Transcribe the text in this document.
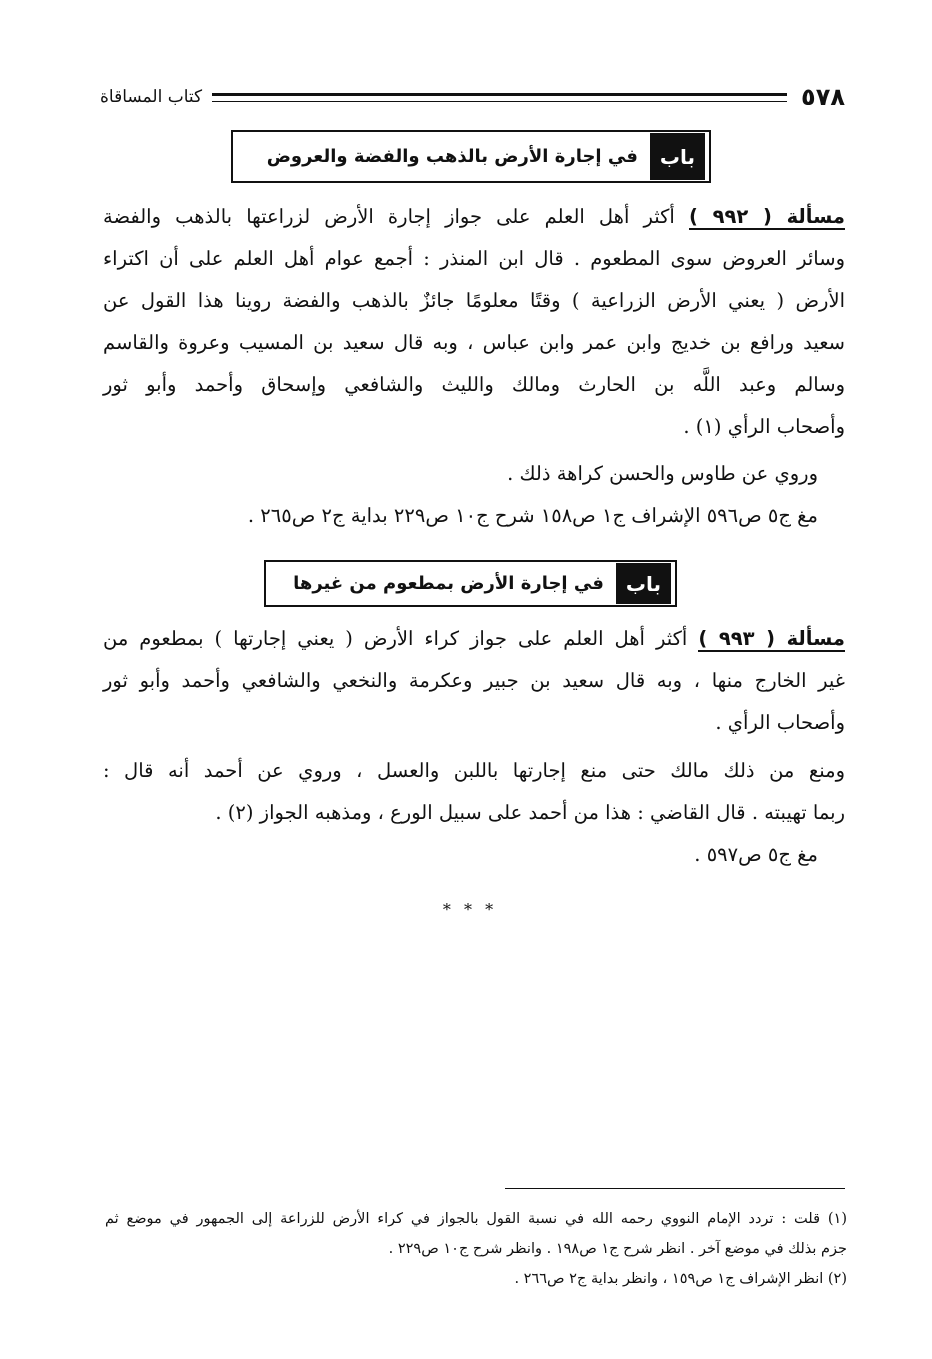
٥٧٨
كتاب المساقاة
باب
في إجارة الأرض بالذهب والفضة والعروض
مسألة ( ٩٩٢ ) أكثر أهل العلم على جواز إجارة الأرض لزراعتها بالذهب والفضة
وسائر العروض سوى المطعوم . قال ابن المنذر : أجمع عوام أهل العلم على أن اكتراء
الأرض ( يعني الأرض الزراعية ) وقتًا معلومًا جائزٌ بالذهب والفضة روينا هذا القول عن
سعيد ورافع بن خديج وابن عمر وابن عباس ، وبه قال سعيد بن المسيب وعروة والقاسم
وسالم وعبد اللَّه بن الحارث ومالك والليث والشافعي وإسحاق وأحمد وأبو ثور
وأصحاب الرأي (١) .
وروي عن طاوس والحسن كراهة ذلك .
مغ ج٥ ص٥٩٦ الإشراف ج١ ص١٥٨ شرح ج١٠ ص٢٢٩ بداية ج٢ ص٢٦٥ .
باب
في إجارة الأرض بمطعوم من غيرها
مسألة ( ٩٩٣ ) أكثر أهل العلم على جواز كراء الأرض ( يعني إجارتها ) بمطعوم من
غير الخارج منها ، وبه قال سعيد بن جبير وعكرمة والنخعي والشافعي وأحمد وأبو ثور
وأصحاب الرأي .
ومنع من ذلك مالك حتى منع إجارتها باللبن والعسل ، وروي عن أحمد أنه قال :
ربما تهيبته . قال القاضي : هذا من أحمد على سبيل الورع ، ومذهبه الجواز (٢) .
مغ ج٥ ص٥٩٧ .
* * *
(١) قلت : تردد الإمام النووي رحمه الله في نسبة القول بالجواز في كراء الأرض للزراعة إلى الجمهور في موضع ثم
جزم بذلك في موضع آخر . انظر شرح ج١ ص١٩٨ . وانظر شرح ج١٠ ص٢٢٩ .
(٢) انظر الإشراف ج١ ص١٥٩ ، وانظر بداية ج٢ ص٢٦٦ .
